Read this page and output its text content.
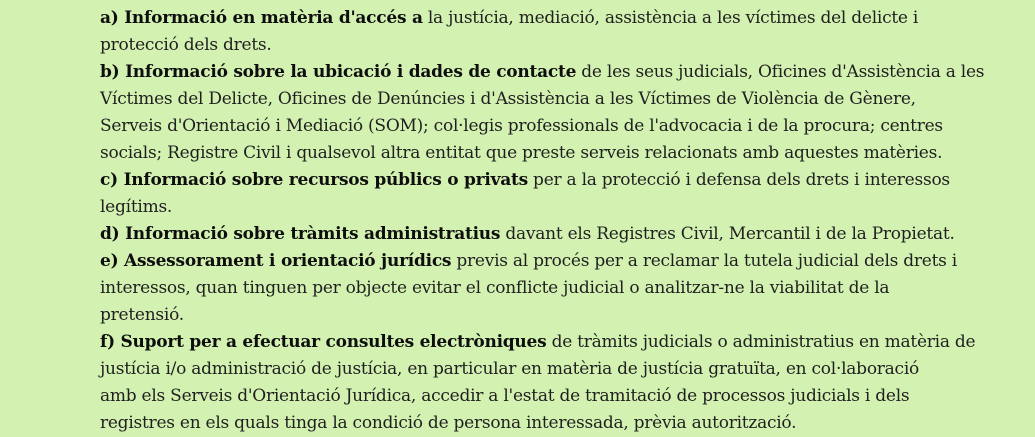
a) Informació en matèria d'accés a la justícia, mediació, assistència a les víctimes del delicte i
protecció dels drets.
b) Informació sobre la ubicació i dades de contacte de les seus judicials, Oficines d'Assistència a les
Víctimes del Delicte, Oficines de Denúncies i d'Assistència a les Víctimes de Violència de Gènere,
Serveis d'Orientació i Mediació (SOM); col·legis professionals de l'advocacia i de la procura; centres
socials; Registre Civil i qualsevol altra entitat que preste serveis relacionats amb aquestes matèries.
c) Informació sobre recursos públics o privats per a la protecció i defensa dels drets i interessos
legítims.
d) Informació sobre tràmits administratius davant els Registres Civil, Mercantil i de la Propietat.
e) Assessorament i orientació jurídics previs al procés per a reclamar la tutela judicial dels drets i
interessos, quan tinguen per objecte evitar el conflicte judicial o analitzar-ne la viabilitat de la
pretensió.
f) Suport per a efectuar consultes electròniques de tràmits judicials o administratius en matèria de
justícia i/o administració de justícia, en particular en matèria de justícia gratuïta, en col·laboració
amb els Serveis d'Orientació Jurídica, accedir a l'estat de tramitació de processos judicials i dels
registres en els quals tinga la condició de persona interessada, prèvia autorització.
